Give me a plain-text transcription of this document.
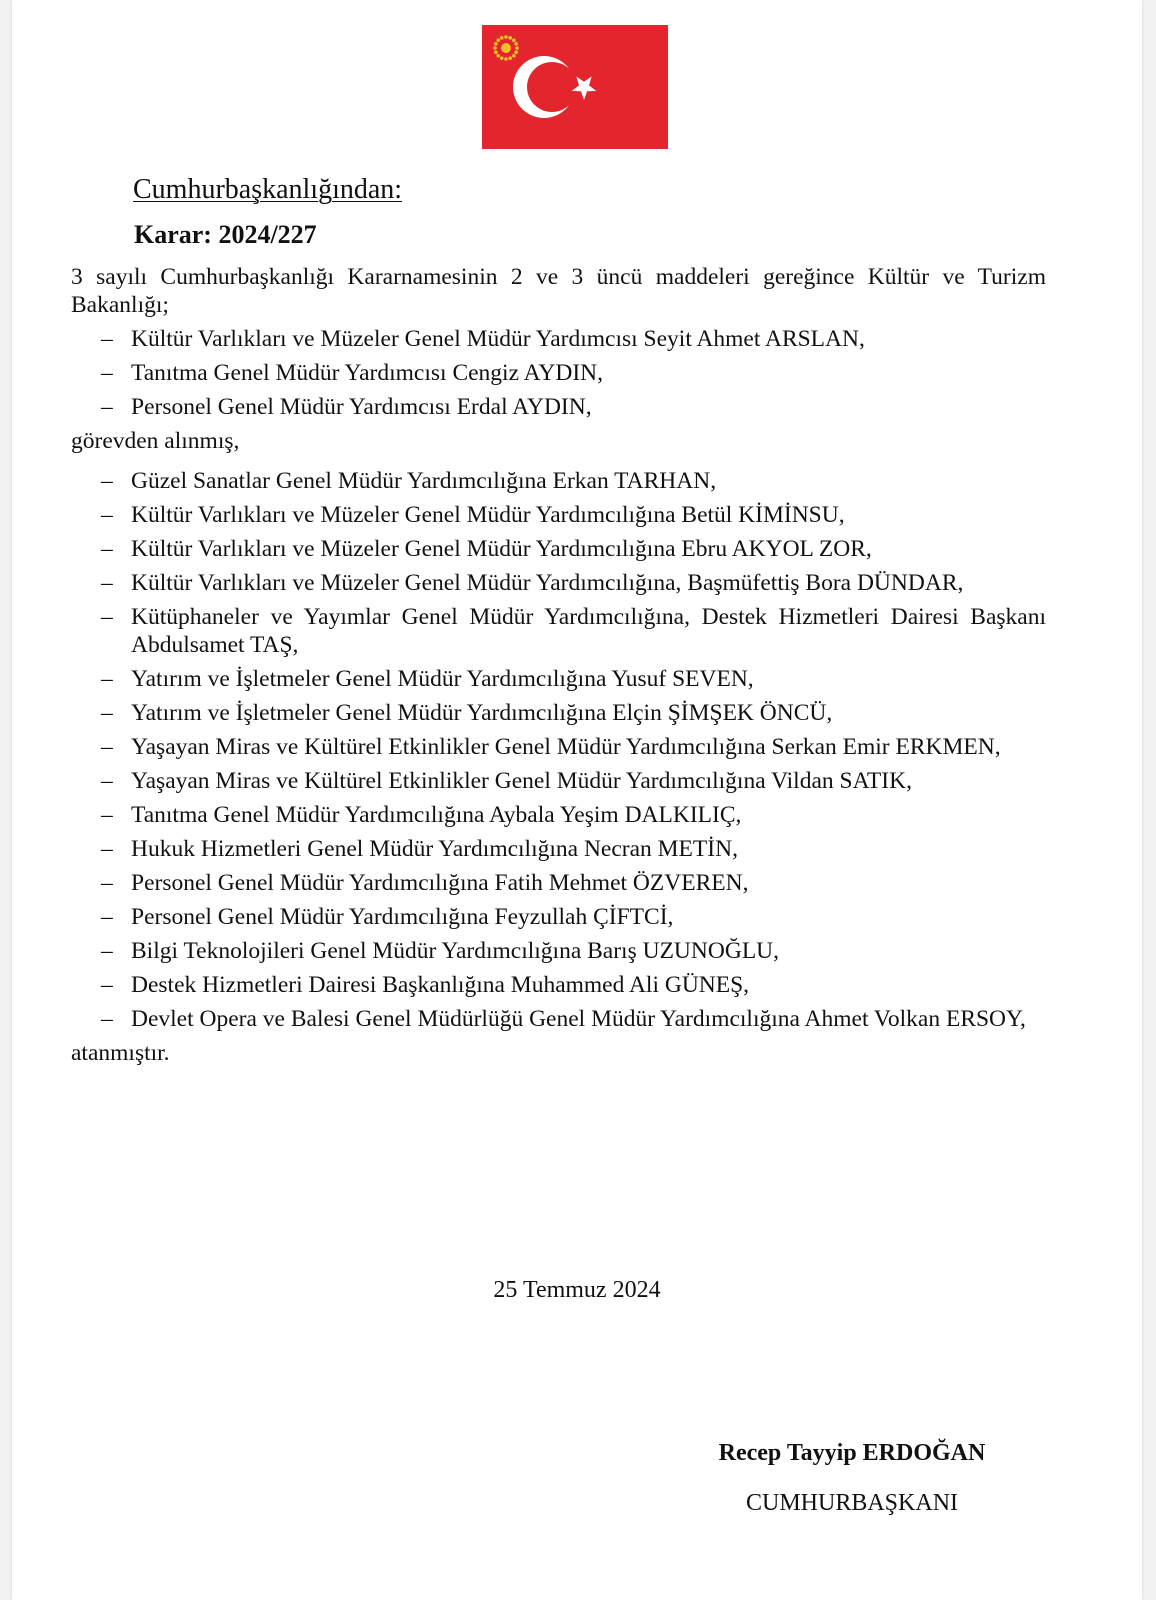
Cumhurbaşkanlığından:
Karar: 2024/227
3 sayılı Cumhurbaşkanlığı Kararnamesinin 2 ve 3 üncü maddeleri gereğince Kültür ve Turizm Bakanlığı;
– Kültür Varlıkları ve Müzeler Genel Müdür Yardımcısı Seyit Ahmet ARSLAN,
– Tanıtma Genel Müdür Yardımcısı Cengiz AYDIN,
– Personel Genel Müdür Yardımcısı Erdal AYDIN,

görevden alınmış,

– Güzel Sanatlar Genel Müdür Yardımcılığına Erkan TARHAN,
– Kültür Varlıkları ve Müzeler Genel Müdür Yardımcılığına Betül KİMİNSU,
– Kültür Varlıkları ve Müzeler Genel Müdür Yardımcılığına Ebru AKYOL ZOR,
– Kültür Varlıkları ve Müzeler Genel Müdür Yardımcılığına, Başmüfettiş Bora DÜNDAR,
– Kütüphaneler ve Yayımlar Genel Müdür Yardımcılığına, Destek Hizmetleri Dairesi Başkanı Abdulsamet TAŞ,
– Yatırım ve İşletmeler Genel Müdür Yardımcılığına Yusuf SEVEN,
– Yatırım ve İşletmeler Genel Müdür Yardımcılığına Elçin ŞİMŞEK ÖNCÜ,
– Yaşayan Miras ve Kültürel Etkinlikler Genel Müdür Yardımcılığına Serkan Emir ERKMEN,
– Yaşayan Miras ve Kültürel Etkinlikler Genel Müdür Yardımcılığına Vildan SATIK,
– Tanıtma Genel Müdür Yardımcılığına Aybala Yeşim DALKILIÇ,
– Hukuk Hizmetleri Genel Müdür Yardımcılığına Necran METİN,
– Personel Genel Müdür Yardımcılığına Fatih Mehmet ÖZVEREN,
– Personel Genel Müdür Yardımcılığına Feyzullah ÇİFTCİ,
– Bilgi Teknolojileri Genel Müdür Yardımcılığına Barış UZUNOĞLU,
– Destek Hizmetleri Dairesi Başkanlığına Muhammed Ali GÜNEŞ,
– Devlet Opera ve Balesi Genel Müdürlüğü Genel Müdür Yardımcılığına Ahmet Volkan ERSOY,

atanmıştır.

25 Temmuz 2024
Recep Tayyip ERDOĞAN
CUMHURBAŞKANI
